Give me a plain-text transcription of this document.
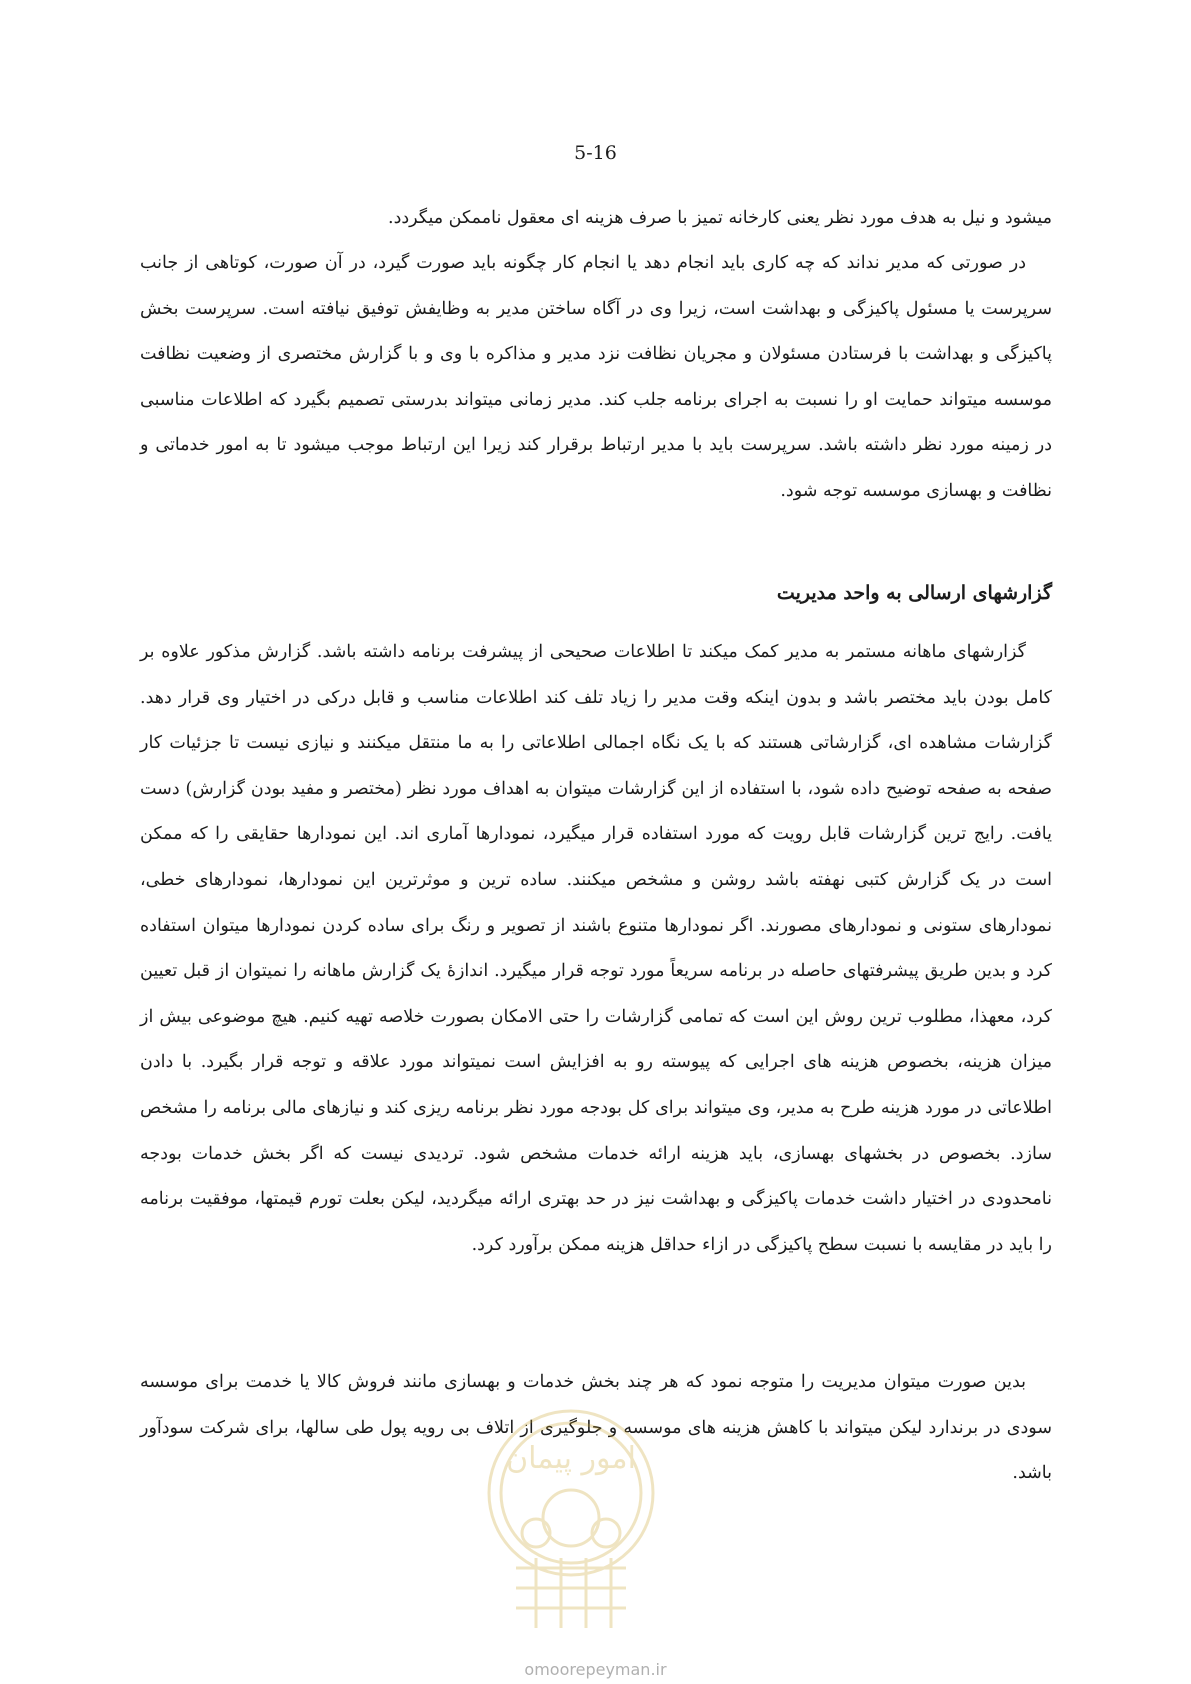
5-16

میشود و نیل به هدف مورد نظر یعنی کارخانه تمیز با صرف هزینه ای معقول ناممکن میگردد.

در صورتی که مدیر نداند که چه کاری باید انجام دهد یا انجام کار چگونه باید صورت گیرد، در آن صورت، کوتاهی از جانب سرپرست یا مسئول پاکیزگی و بهداشت است، زیرا وی در آگاه ساختن مدیر به وظایفش توفیق نیافته است. سرپرست بخش پاکیزگی و بهداشت با فرستادن مسئولان و مجریان نظافت نزد مدیر و مذاکره با وی و با گزارش مختصری از وضعیت نظافت موسسه میتواند حمایت او را نسبت به اجرای برنامه جلب کند. مدیر زمانی میتواند بدرستی تصمیم بگیرد که اطلاعات مناسبی در زمینه مورد نظر داشته باشد. سرپرست باید با مدیر ارتباط برقرار کند زیرا این ارتباط موجب میشود تا به امور خدماتی و نظافت و بهسازی موسسه توجه شود.

گزارشهای ارسالی به واحد مدیریت

گزارشهای ماهانه مستمر به مدیر کمک میکند تا اطلاعات صحیحی از پیشرفت برنامه داشته باشد. گزارش مذکور علاوه بر کامل بودن باید مختصر باشد و بدون اینکه وقت مدیر را زیاد تلف کند اطلاعات مناسب و قابل درکی در اختیار وی قرار دهد. گزارشات مشاهده ای، گزارشاتی هستند که با یک نگاه اجمالی اطلاعاتی را به ما منتقل میکنند و نیازی نیست تا جزئیات کار صفحه به صفحه توضیح داده شود، با استفاده از این گزارشات میتوان به اهداف مورد نظر (مختصر و مفید بودن گزارش) دست یافت. رایج ترین گزارشات قابل رویت که مورد استفاده قرار میگیرد، نمودارها آماری اند. این نمودارها حقایقی را که ممکن است در یک گزارش کتبی نهفته باشد روشن و مشخص میکنند. ساده ترین و موثرترین این نمودارها، نمودارهای خطی، نمودارهای ستونی و نمودارهای مصورند. اگر نمودارها متنوع باشند از تصویر و رنگ برای ساده کردن نمودارها میتوان استفاده کرد و بدین طریق پیشرفتهای حاصله در برنامه سریعاً مورد توجه قرار میگیرد. اندازهٔ یک گزارش ماهانه را نمیتوان از قبل تعیین کرد، معهذا، مطلوب ترین روش این است که تمامی گزارشات را حتی الامکان بصورت خلاصه تهیه کنیم. هیچ موضوعی بیش از میزان هزینه، بخصوص هزینه های اجرایی که پیوسته رو به افزایش است نمیتواند مورد علاقه و توجه قرار بگیرد. با دادن اطلاعاتی در مورد هزینه طرح به مدیر، وی میتواند برای کل بودجه مورد نظر برنامه ریزی کند و نیازهای مالی برنامه را مشخص سازد. بخصوص در بخشهای بهسازی، باید هزینه ارائه خدمات مشخص شود. تردیدی نیست که اگر بخش خدمات بودجه نامحدودی در اختیار داشت خدمات پاکیزگی و بهداشت نیز در حد بهتری ارائه میگردید، لیکن بعلت تورم قیمتها، موفقیت برنامه را باید در مقایسه با نسبت سطح پاکیزگی در ازاء حداقل هزینه ممکن برآورد کرد.

بدین صورت میتوان مدیریت را متوجه نمود که هر چند بخش خدمات و بهسازی مانند فروش کالا یا خدمت برای موسسه سودی در برندارد لیکن میتواند با کاهش هزینه های موسسه و جلوگیری از اتلاف بی رویه پول طی سالها، برای شرکت سودآور باشد.

امور پیمان
omoorepeyman.ir
